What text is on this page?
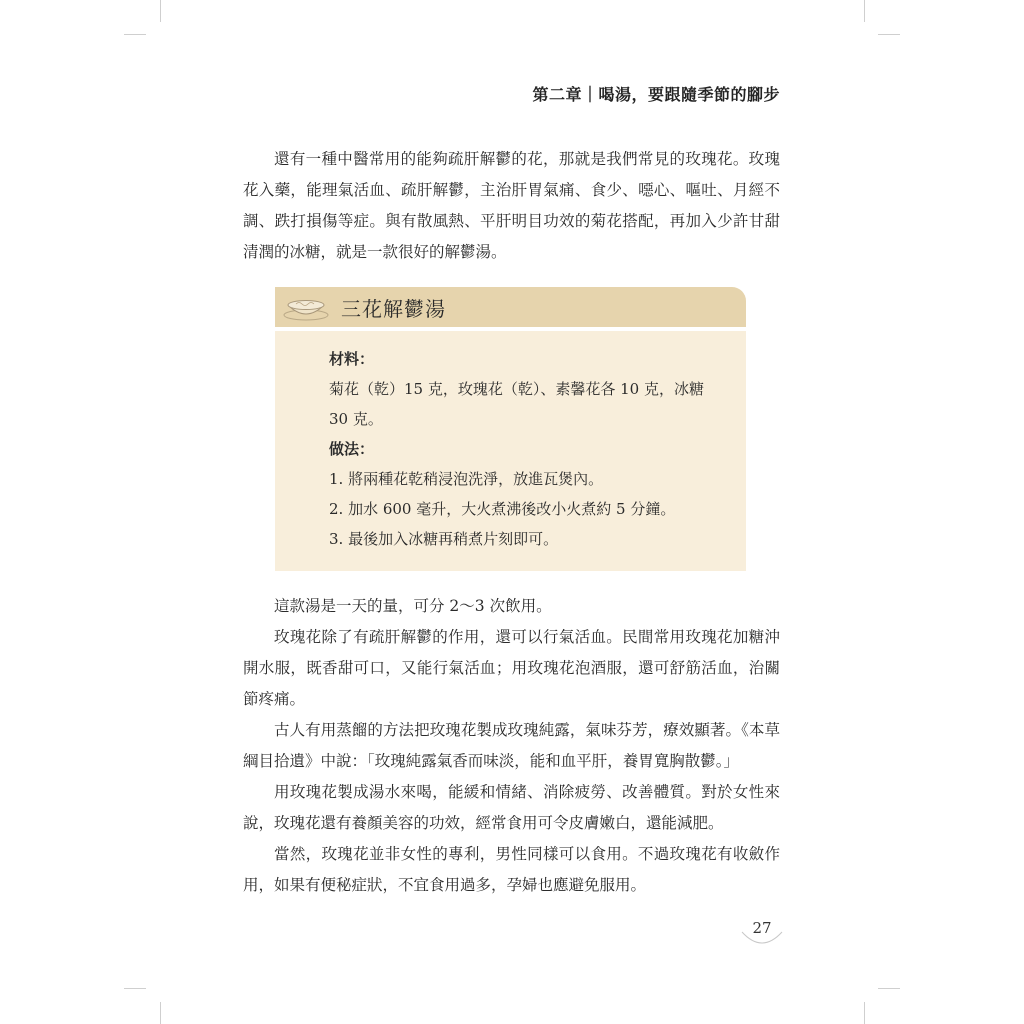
第二章｜喝湯，要跟隨季節的腳步

還有一種中醫常用的能夠疏肝解鬱的花，那就是我們常見的玫瑰花。玫瑰花入藥，能理氣活血、疏肝解鬱，主治肝胃氣痛、食少、噁心、嘔吐、月經不調、跌打損傷等症。與有散風熱、平肝明目功效的菊花搭配，再加入少許甘甜清潤的冰糖，就是一款很好的解鬱湯。

三花解鬱湯
材料：
菊花（乾）15 克，玫瑰花（乾）、素馨花各 10 克，冰糖
30 克。
做法：
1. 將兩種花乾稍浸泡洗淨，放進瓦煲內。
2. 加水 600 毫升，大火煮沸後改小火煮約 5 分鐘。
3. 最後加入冰糖再稍煮片刻即可。

這款湯是一天的量，可分 2～3 次飲用。

玫瑰花除了有疏肝解鬱的作用，還可以行氣活血。民間常用玫瑰花加糖沖開水服，既香甜可口，又能行氣活血；用玫瑰花泡酒服，還可舒筋活血，治關節疼痛。

古人有用蒸餾的方法把玫瑰花製成玫瑰純露，氣味芬芳，療效顯著。《本草綱目拾遺》中說：「玫瑰純露氣香而味淡，能和血平肝，養胃寬胸散鬱。」

用玫瑰花製成湯水來喝，能緩和情緒、消除疲勞、改善體質。對於女性來說，玫瑰花還有養顏美容的功效，經常食用可令皮膚嫩白，還能減肥。

當然，玫瑰花並非女性的專利，男性同樣可以食用。不過玫瑰花有收斂作用，如果有便秘症狀，不宜食用過多，孕婦也應避免服用。

27
